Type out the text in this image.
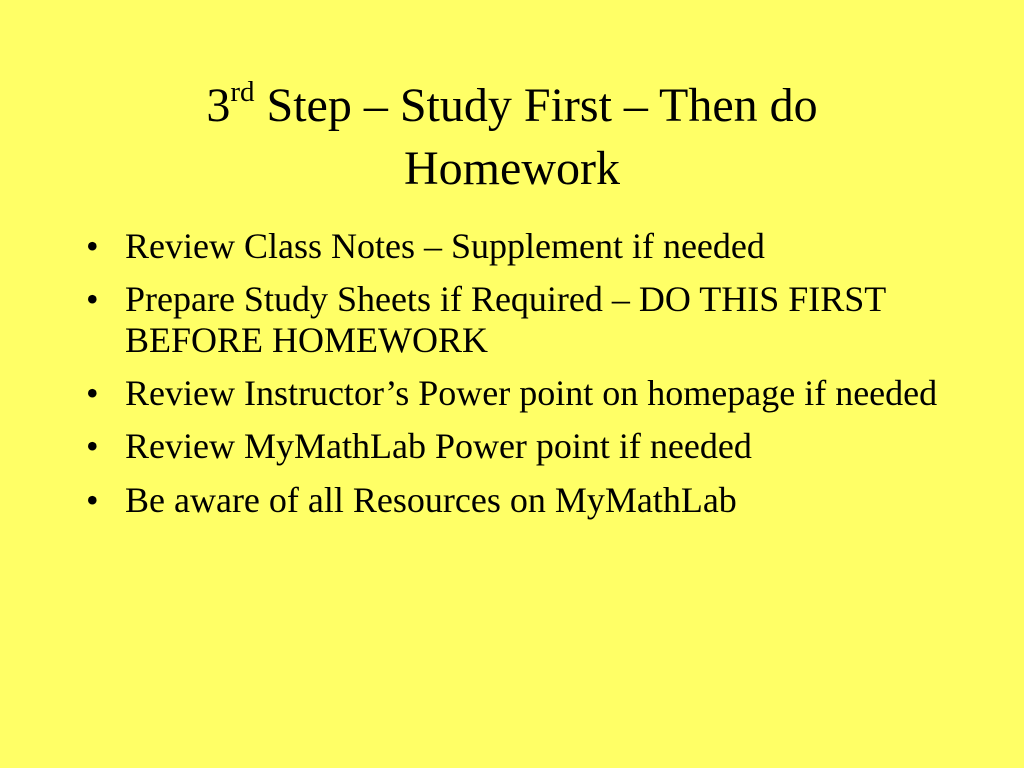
3rd Step – Study First – Then do
Homework
• Review Class Notes – Supplement if needed
• Prepare Study Sheets if Required – DO THIS FIRST BEFORE HOMEWORK
• Review Instructor’s Power point on homepage if needed
• Review MyMathLab Power point if needed
• Be aware of all Resources on MyMathLab
